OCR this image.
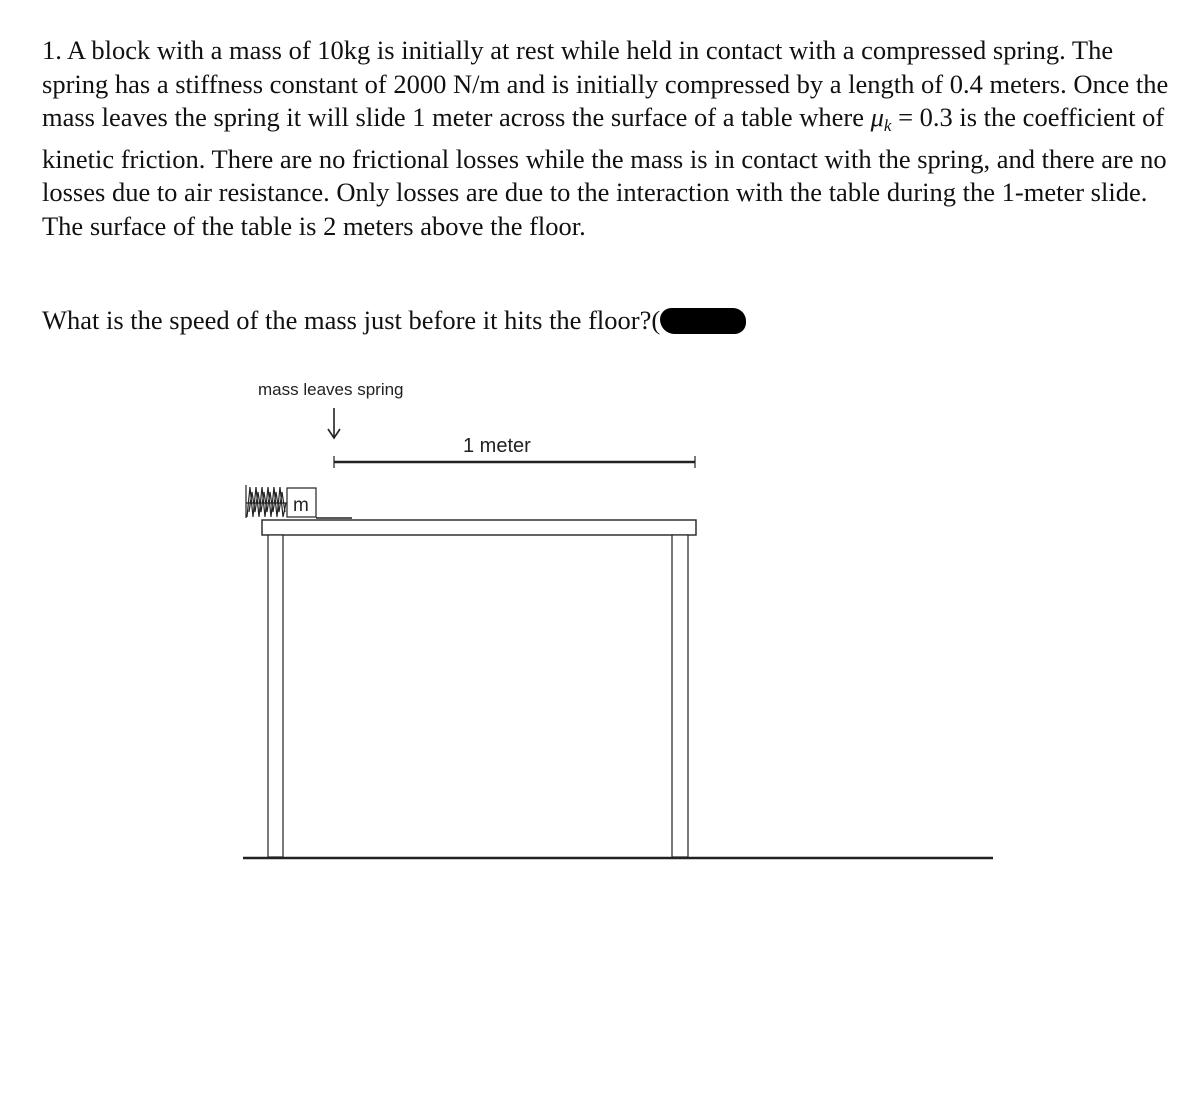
1. A block with a mass of 10kg is initially at rest while held in contact with a compressed spring. The spring has a stiffness constant of 2000 N/m and is initially compressed by a length of 0.4 meters. Once the mass leaves the spring it will slide 1 meter across the surface of a table where $\mu_k = 0.3$ is the coefficient of kinetic friction. There are no frictional losses while the mass is in contact with the spring, and there are no losses due to air resistance. Only losses are due to the interaction with the table during the 1-meter slide. The surface of the table is 2 meters above the floor.

What is the speed of the mass just before it hits the floor?(
mass leaves spring
1 meter
m
